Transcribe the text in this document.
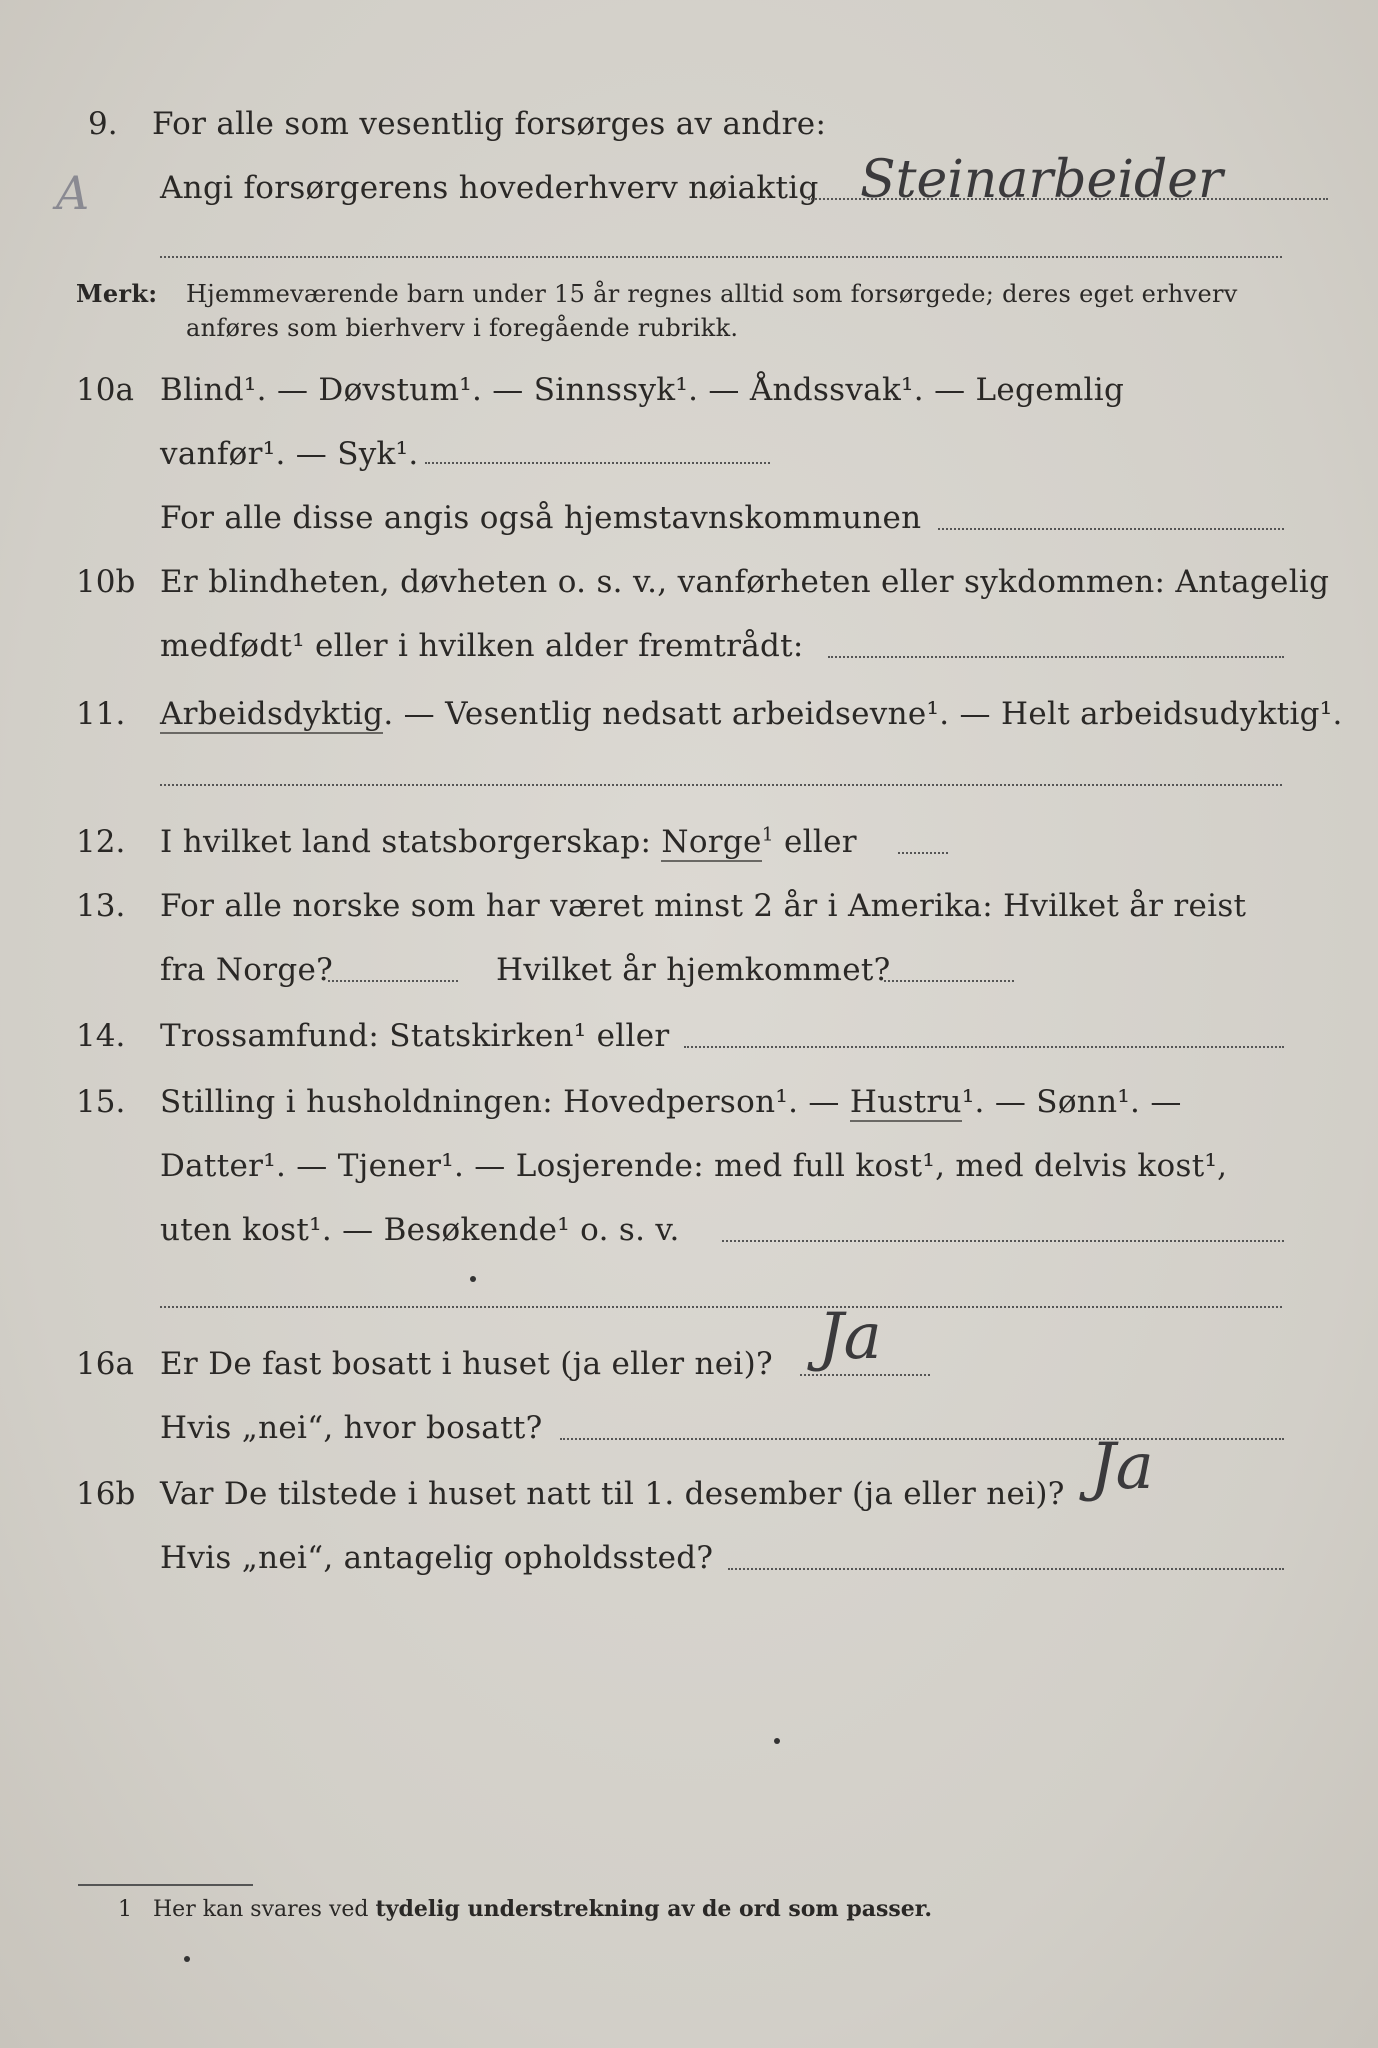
9. For alle som vesentlig forsørges av andre:
A Angi forsørgerens hovederhverv nøiaktig Steinarbeider
Merk: Hjemmeværende barn under 15 år regnes alltid som forsørgede; deres eget erhverv
anføres som bierhverv i foregående rubrikk.
10a Blind¹. — Døvstum¹. — Sinnssyk¹. — Åndssvak¹. — Legemlig
vanfør¹. — Syk¹.
For alle disse angis også hjemstavnskommunen
10b Er blindheten, døvheten o. s. v., vanførheten eller sykdommen: Antagelig
medfødt¹ eller i hvilken alder fremtrådt:
11. Arbeidsdyktig. — Vesentlig nedsatt arbeidsevne¹. — Helt arbeidsudyktig¹.
12. I hvilket land statsborgerskap: Norge$^1$ eller
13. For alle norske som har været minst 2 år i Amerika: Hvilket år reist
fra Norge?	Hvilket år hjemkommet?
14. Trossamfund: Statskirken¹ eller
15. Stilling i husholdningen: Hovedperson¹. — Hustru¹. — Sønn¹. —
Datter¹. — Tjener¹. — Losjerende: med full kost¹, med delvis kost¹,
uten kost¹. — Besøkende¹ o. s. v.
16a Er De fast bosatt i huset (ja eller nei)? Ja
Hvis „nei“, hvor bosatt?
16b Var De tilstede i huset natt til 1. desember (ja eller nei)? Ja
Hvis „nei“, antagelig opholdssted?
1 Her kan svares ved tydelig understrekning av de ord som passer.
